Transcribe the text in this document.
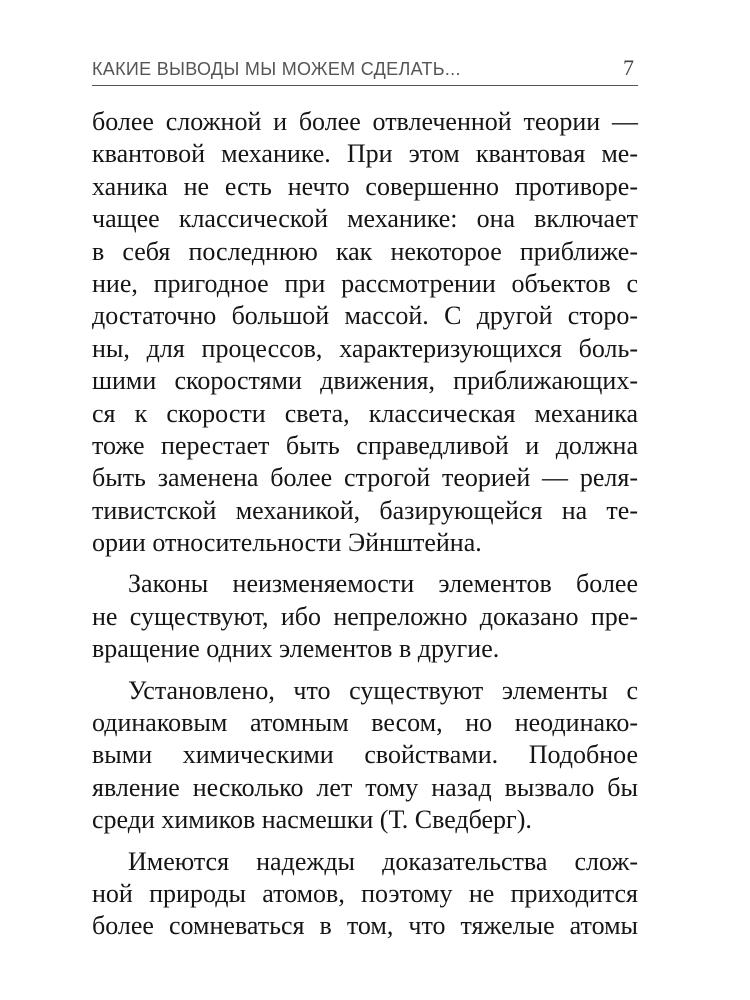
КАКИЕ ВЫВОДЫ МЫ МОЖЕМ СДЕЛАТЬ...	7
более сложной и более отвлеченной теории —
квантовой механике. При этом квантовая ме-
ханика не есть нечто совершенно противоре-
чащее классической механике: она включает
в себя последнюю как некоторое приближе-
ние, пригодное при рассмотрении объектов с
достаточно большой массой. С другой сторо-
ны, для процессов, характеризующихся боль-
шими скоростями движения, приближающих-
ся к скорости света, классическая механика
тоже перестает быть справедливой и должна
быть заменена более строгой теорией — реля-
тивистской механикой, базирующейся на те-
ории относительности Эйнштейна.
Законы неизменяемости элементов более
не существуют, ибо непреложно доказано пре-
вращение одних элементов в другие.
Установлено, что существуют элементы с
одинаковым атомным весом, но неодинако-
выми химическими свойствами. Подобное
явление несколько лет тому назад вызвало бы
среди химиков насмешки (Т. Сведберг).
Имеются надежды доказательства слож-
ной природы атомов, поэтому не приходится
более сомневаться в том, что тяжелые атомы
